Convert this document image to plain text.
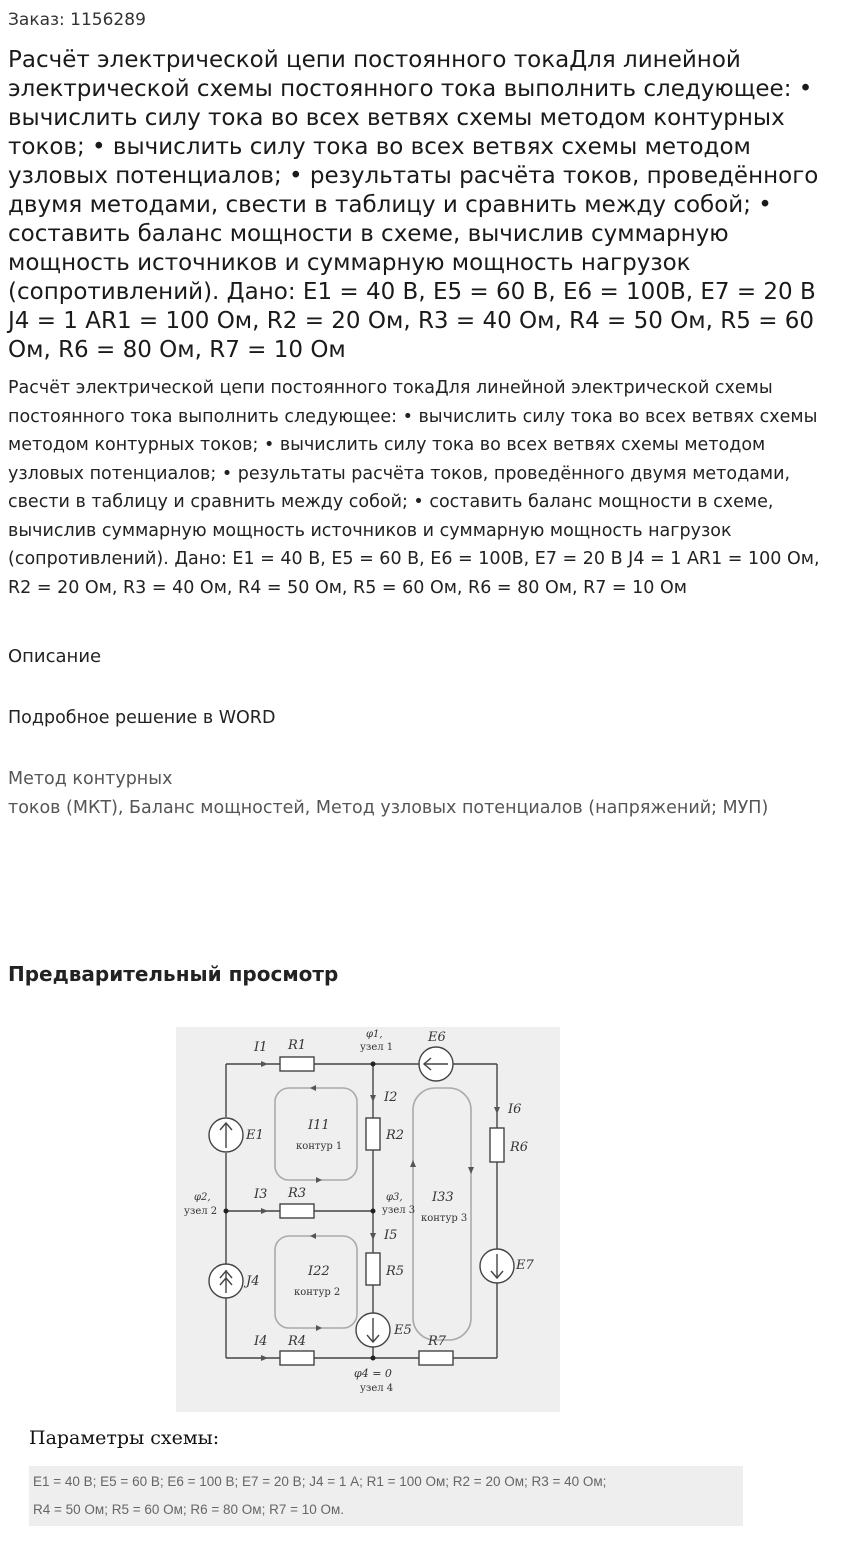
Заказ: 1156289
Расчёт электрической цепи постоянного токаДля линейной электрической схемы постоянного тока выполнить следующее: • вычислить силу тока во всех ветвях схемы методом контурных токов; • вычислить силу тока во всех ветвях схемы методом узловых потенциалов; • результаты расчёта токов, проведённого двумя методами, свести в таблицу и сравнить между собой; • составить баланс мощности в схеме, вычислив суммарную мощность источников и суммарную мощность нагрузок (сопротивлений). Дано: E1 = 40 В, E5 = 60 В, E6 = 100В, E7 = 20 В J4 = 1 АR1 = 100 Ом, R2 = 20 Ом, R3 = 40 Ом, R4 = 50 Ом, R5 = 60 Ом, R6 = 80 Ом, R7 = 10 Ом

Расчёт электрической цепи постоянного токаДля линейной электрической схемы постоянного тока выполнить следующее: • вычислить силу тока во всех ветвях схемы методом контурных токов; • вычислить силу тока во всех ветвях схемы методом узловых потенциалов; • результаты расчёта токов, проведённого двумя методами, свести в таблицу и сравнить между собой; • составить баланс мощности в схеме, вычислив суммарную мощность источников и суммарную мощность нагрузок (сопротивлений). Дано: E1 = 40 В, E5 = 60 В, E6 = 100В, E7 = 20 В J4 = 1 АR1 = 100 Ом, R2 = 20 Ом, R3 = 40 Ом, R4 = 50 Ом, R5 = 60 Ом, R6 = 80 Ом, R7 = 10 Ом

Описание
Подробное решение в WORD
Метод контурных
токов (МКТ), Баланс мощностей, Метод узловых потенциалов (напряжений; МУП)
Предварительный просмотр
I1 R1
φ1,
узел 1
E6
I2
R2
I6
R6
E1
I11
контур 1
φ2,
узел 2
I3 R3	φ3,
узел 3
I33
контур 3
I5
R5
I22
контур 2
J4
E7
E5
I4 R4	R7
φ4 = 0
узел 4
Параметры схемы:
E1 = 40 В; E5 = 60 В; E6 = 100 В; E7 = 20 В; J4 = 1 А; R1 = 100 Ом; R2 = 20 Ом; R3 = 40 Ом;
R4 = 50 Ом; R5 = 60 Ом; R6 = 80 Ом; R7 = 10 Ом.
